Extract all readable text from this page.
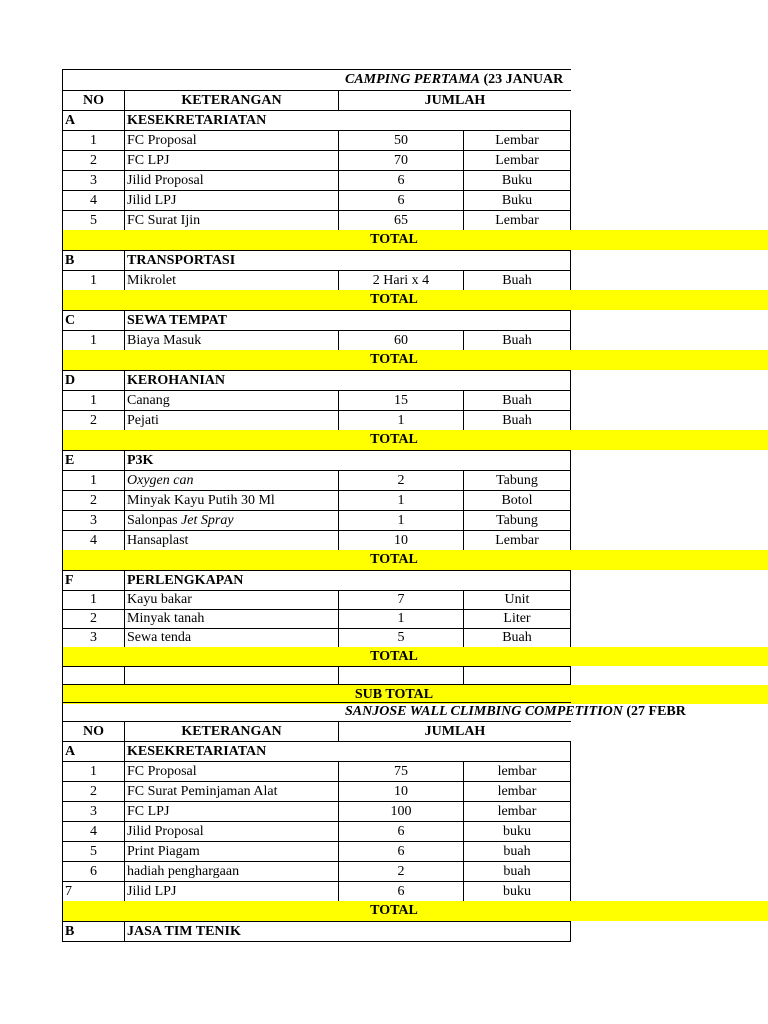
CAMPING PERTAMA (23 JANUAR
NO	KETERANGAN	JUMLAH
A	KESEKRETARIATAN
1	FC Proposal	50	Lembar
2	FC LPJ	70	Lembar
3	Jilid Proposal	6	Buku
4	Jilid LPJ	6	Buku
5	FC Surat Ijin	65	Lembar
TOTAL
B	TRANSPORTASI
1	Mikrolet	2 Hari x 4	Buah
TOTAL
C	SEWA TEMPAT
1	Biaya Masuk	60	Buah
TOTAL
D	KEROHANIAN
1	Canang	15	Buah
2	Pejati	1	Buah
TOTAL
E	P3K
1	Oxygen can	2	Tabung
2	Minyak Kayu Putih 30 Ml	1	Botol
3	Salonpas Jet Spray	1	Tabung
4	Hansaplast	10	Lembar
TOTAL
F	PERLENGKAPAN
1	Kayu bakar	7	Unit
2	Minyak tanah	1	Liter
3	Sewa tenda	5	Buah
TOTAL
SUB TOTAL
SANJOSE WALL CLIMBING COMPETITION (27 FEBR
NO	KETERANGAN	JUMLAH
A	KESEKRETARIATAN
1	FC Proposal	75	lembar
2	FC Surat Peminjaman Alat	10	lembar
3	FC LPJ	100	lembar
4	Jilid Proposal	6	buku
5	Print Piagam	6	buah
6	hadiah penghargaan	2	buah
7	Jilid LPJ	6	buku
TOTAL
B	JASA TIM TENIK
